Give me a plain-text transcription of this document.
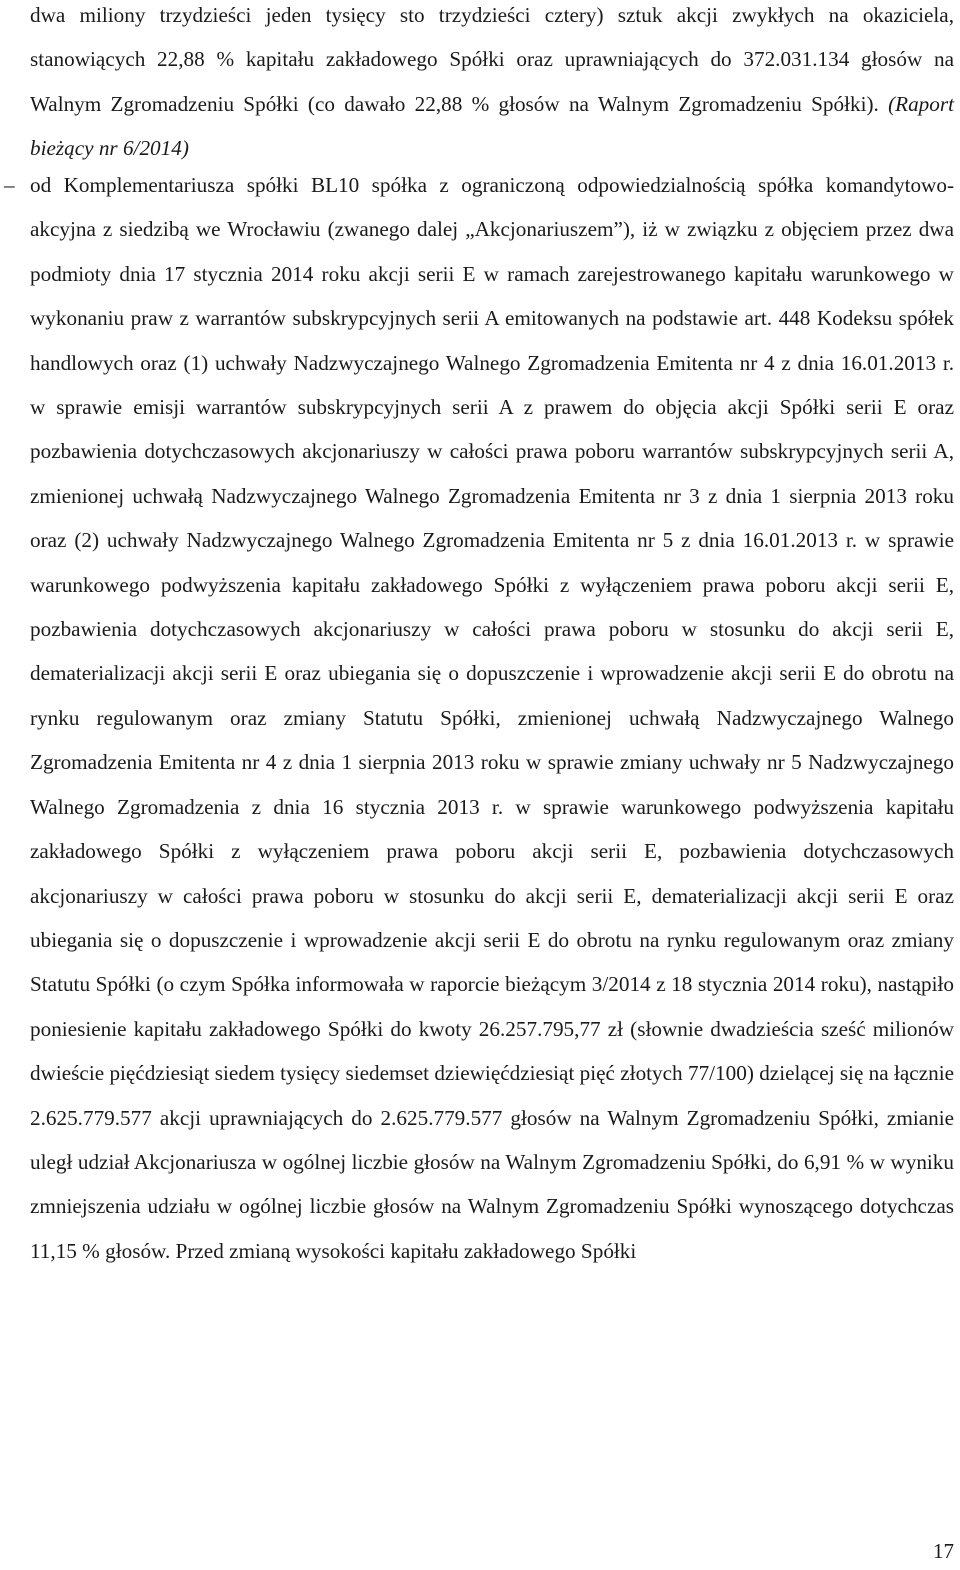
dwa miliony trzydzieści jeden tysięcy sto trzydzieści cztery) sztuk akcji zwykłych na okaziciela, stanowiących 22,88 % kapitału zakładowego Spółki oraz uprawniających do 372.031.134 głosów na Walnym Zgromadzeniu Spółki (co dawało 22,88 % głosów na Walnym Zgromadzeniu Spółki). (Raport bieżący nr 6/2014)

– od Komplementariusza spółki BL10 spółka z ograniczoną odpowiedzialnością spółka komandytowo-akcyjna z siedzibą we Wrocławiu (zwanego dalej „Akcjonariuszem”), iż w związku z objęciem przez dwa podmioty dnia 17 stycznia 2014 roku akcji serii E w ramach zarejestrowanego kapitału warunkowego w wykonaniu praw z warrantów subskrypcyjnych serii A emitowanych na podstawie art. 448 Kodeksu spółek handlowych oraz (1) uchwały Nadzwyczajnego Walnego Zgromadzenia Emitenta nr 4 z dnia 16.01.2013 r. w sprawie emisji warrantów subskrypcyjnych serii A z prawem do objęcia akcji Spółki serii E oraz pozbawienia dotychczasowych akcjonariuszy w całości prawa poboru warrantów subskrypcyjnych serii A, zmienionej uchwałą Nadzwyczajnego Walnego Zgromadzenia Emitenta nr 3 z dnia 1 sierpnia 2013 roku oraz (2) uchwały Nadzwyczajnego Walnego Zgromadzenia Emitenta nr 5 z dnia 16.01.2013 r. w sprawie warunkowego podwyższenia kapitału zakładowego Spółki z wyłączeniem prawa poboru akcji serii E, pozbawienia dotychczasowych akcjonariuszy w całości prawa poboru w stosunku do akcji serii E, dematerializacji akcji serii E oraz ubiegania się o dopuszczenie i wprowadzenie akcji serii E do obrotu na rynku regulowanym oraz zmiany Statutu Spółki, zmienionej uchwałą Nadzwyczajnego Walnego Zgromadzenia Emitenta nr 4 z dnia 1 sierpnia 2013 roku w sprawie zmiany uchwały nr 5 Nadzwyczajnego Walnego Zgromadzenia z dnia 16 stycznia 2013 r. w sprawie warunkowego podwyższenia kapitału zakładowego Spółki z wyłączeniem prawa poboru akcji serii E, pozbawienia dotychczasowych akcjonariuszy w całości prawa poboru w stosunku do akcji serii E, dematerializacji akcji serii E oraz ubiegania się o dopuszczenie i wprowadzenie akcji serii E do obrotu na rynku regulowanym oraz zmiany Statutu Spółki (o czym Spółka informowała w raporcie bieżącym 3/2014 z 18 stycznia 2014 roku), nastąpiło poniesienie kapitału zakładowego Spółki do kwoty 26.257.795,77 zł (słownie dwadzieścia sześć milionów dwieście pięćdziesiąt siedem tysięcy siedemset dziewięćdziesiąt pięć złotych 77/100) dzielącej się na łącznie 2.625.779.577 akcji uprawniających do 2.625.779.577 głosów na Walnym Zgromadzeniu Spółki, zmianie uległ udział Akcjonariusza w ogólnej liczbie głosów na Walnym Zgromadzeniu Spółki, do 6,91 % w wyniku zmniejszenia udziału w ogólnej liczbie głosów na Walnym Zgromadzeniu Spółki wynoszącego dotychczas 11,15 % głosów. Przed zmianą wysokości kapitału zakładowego Spółki

17
